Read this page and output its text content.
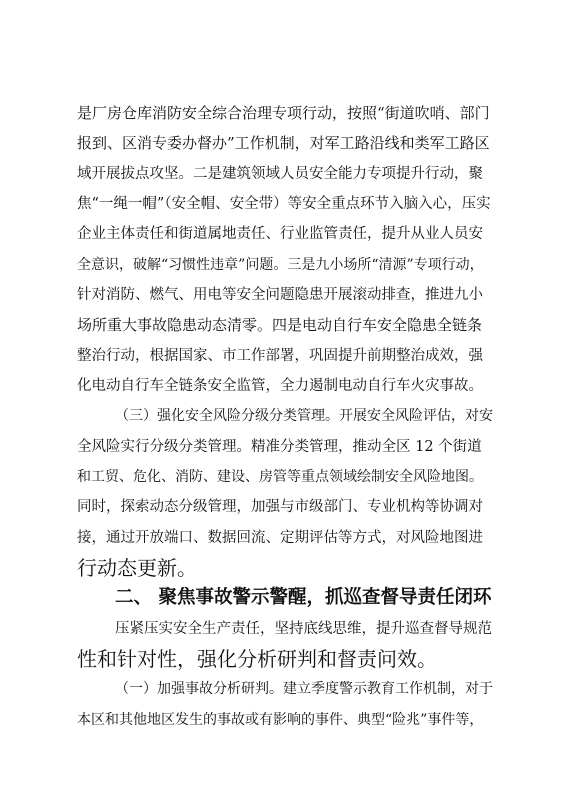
是厂房仓库消防安全综合治理专项行动，按照“街道吹哨、部门
报到、区消专委办督办”工作机制，对军工路沿线和类军工路区
域开展拔点攻坚。二是建筑领域人员安全能力专项提升行动，聚
焦“一绳一帽”（安全帽、安全带）等安全重点环节入脑入心，压实
企业主体责任和街道属地责任、行业监管责任，提升从业人员安
全意识，破解“习惯性违章”问题。三是九小场所“清源”专项行动，
针对消防、燃气、用电等安全问题隐患开展滚动排查，推进九小
场所重大事故隐患动态清零。四是电动自行车安全隐患全链条
整治行动，根据国家、市工作部署，巩固提升前期整治成效，强
化电动自行车全链条安全监管，全力遏制电动自行车火灾事故。
（三）强化安全风险分级分类管理。开展安全风险评估，对安
全风险实行分级分类管理。精准分类管理，推动全区 12 个街道
和工贸、危化、消防、建设、房管等重点领域绘制安全风险地图。
同时，探索动态分级管理，加强与市级部门、专业机构等协调对
接，通过开放端口、数据回流、定期评估等方式，对风险地图进
行动态更新。
二、 聚焦事故警示警醒，抓巡查督导责任闭环
压紧压实安全生产责任，坚持底线思维，提升巡查督导规范
性和针对性，强化分析研判和督责问效。
（一）加强事故分析研判。建立季度警示教育工作机制，对于
本区和其他地区发生的事故或有影响的事件、典型“险兆”事件等，
